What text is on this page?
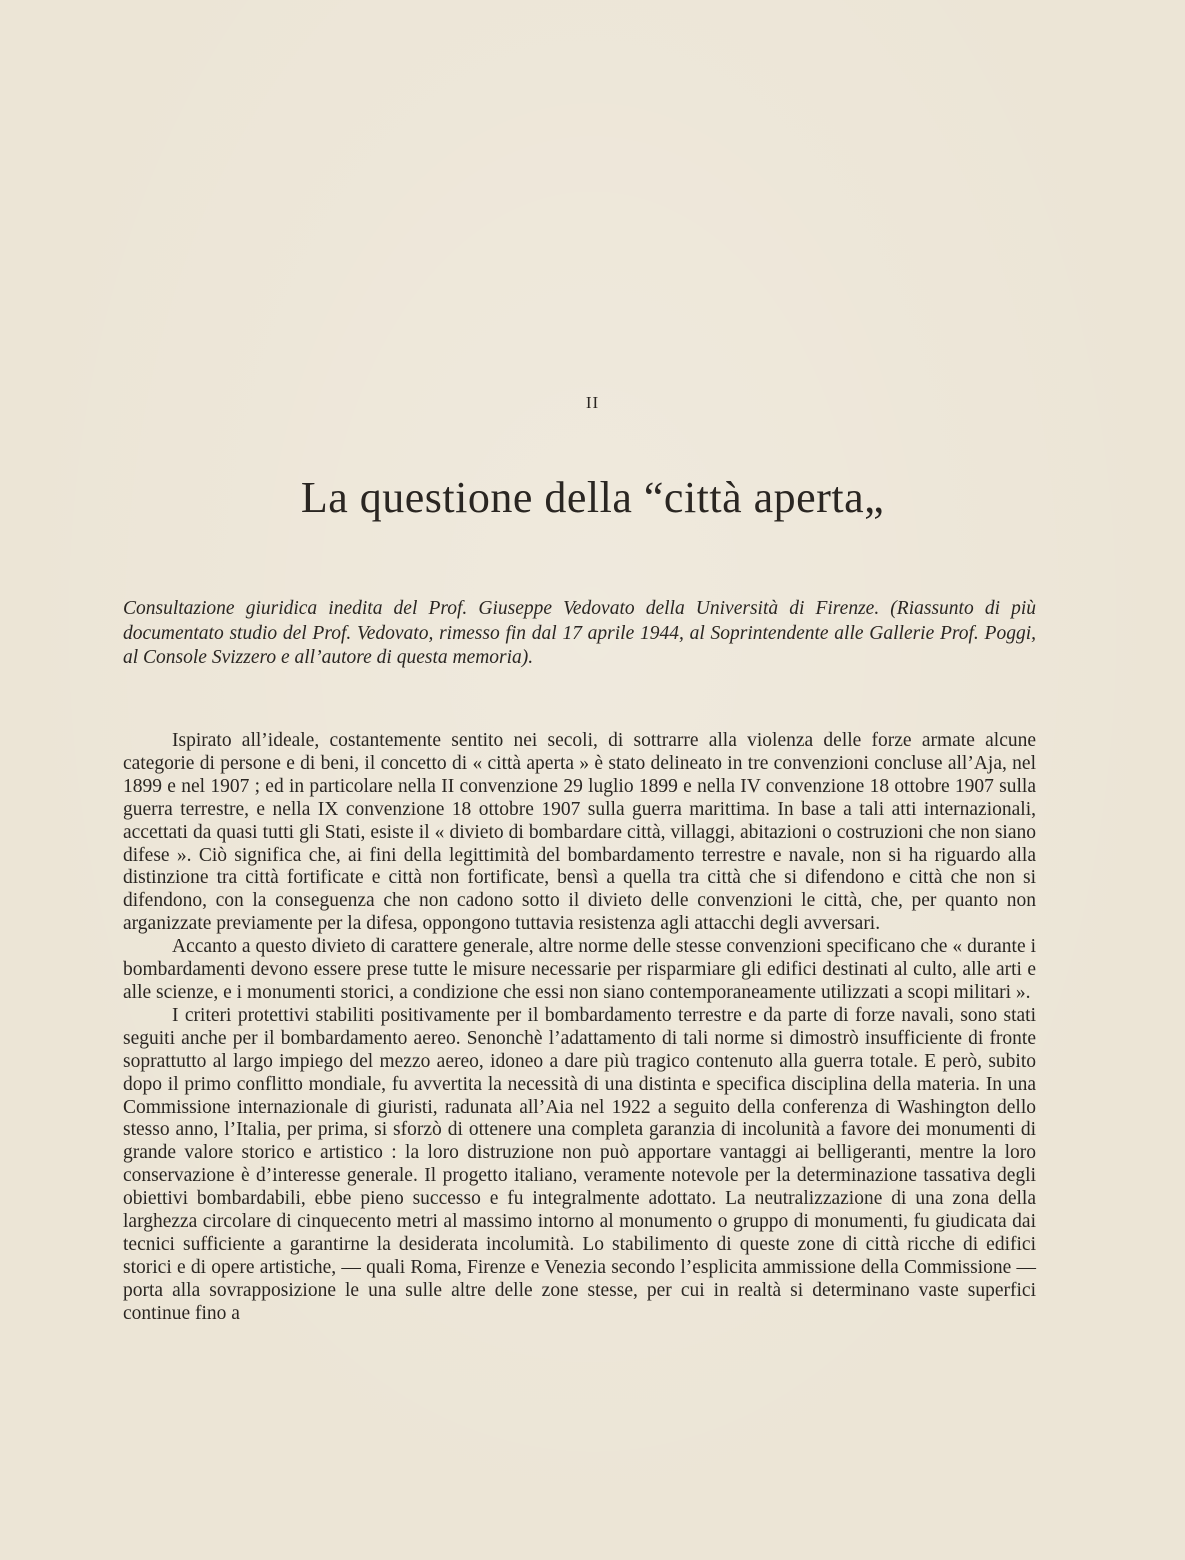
II
La questione della “città aperta„

Consultazione giuridica inedita del Prof. Giuseppe Vedovato della Università di Firenze. (Riassunto di più documentato studio del Prof. Vedovato, rimesso fin dal 17 aprile 1944, al Soprintendente alle Gallerie Prof. Poggi, al Console Svizzero e all’autore di questa memoria).

Ispirato all’ideale, costantemente sentito nei secoli, di sottrarre alla violenza delle forze armate alcune categorie di persone e di beni, il concetto di « città aperta » è stato delineato in tre convenzioni concluse all’Aja, nel 1899 e nel 1907 ; ed in particolare nella II convenzione 29 luglio 1899 e nella IV convenzione 18 ottobre 1907 sulla guerra terrestre, e nella IX convenzione 18 ottobre 1907 sulla guerra marittima. In base a tali atti internazionali, accettati da quasi tutti gli Stati, esiste il « divieto di bombardare città, villaggi, abitazioni o costruzioni che non siano difese ». Ciò significa che, ai fini della legittimità del bombardamento terrestre e navale, non si ha riguardo alla distinzione tra città fortificate e città non fortificate, bensì a quella tra città che si difendono e città che non si difendono, con la conseguenza che non cadono sotto il divieto delle convenzioni le città, che, per quanto non arganizzate previamente per la difesa, oppongono tuttavia resistenza agli attacchi degli avversari.

Accanto a questo divieto di carattere generale, altre norme delle stesse convenzioni specificano che « durante i bombardamenti devono essere prese tutte le misure necessarie per risparmiare gli edifici destinati al culto, alle arti e alle scienze, e i monumenti storici, a condizione che essi non siano contemporaneamente utilizzati a scopi militari ».

I criteri protettivi stabiliti positivamente per il bombardamento terrestre e da parte di forze navali, sono stati seguiti anche per il bombardamento aereo. Senonchè l’adattamento di tali norme si dimostrò insufficiente di fronte soprattutto al largo impiego del mezzo aereo, idoneo a dare più tragico contenuto alla guerra totale. E però, subito dopo il primo conflitto mondiale, fu avvertita la necessità di una distinta e specifica disciplina della materia. In una Commissione internazionale di giuristi, radunata all’Aia nel 1922 a seguito della conferenza di Washington dello stesso anno, l’Italia, per prima, si sforzò di ottenere una completa garanzia di incolunità a favore dei monumenti di grande valore storico e artistico : la loro distruzione non può apportare vantaggi ai belligeranti, mentre la loro conservazione è d’interesse generale. Il progetto italiano, veramente notevole per la determinazione tassativa degli obiettivi bombardabili, ebbe pieno successo e fu integralmente adottato. La neutralizzazione di una zona della larghezza circolare di cinquecento metri al massimo intorno al monumento o gruppo di monumenti, fu giudicata dai tecnici sufficiente a garantirne la desiderata incolumità. Lo stabilimento di queste zone di città ricche di edifici storici e di opere artistiche, — quali Roma, Firenze e Venezia secondo l’esplicita ammissione della Commissione — porta alla sovrapposizione le una sulle altre delle zone stesse, per cui in realtà si determinano vaste superfici continue fino a
